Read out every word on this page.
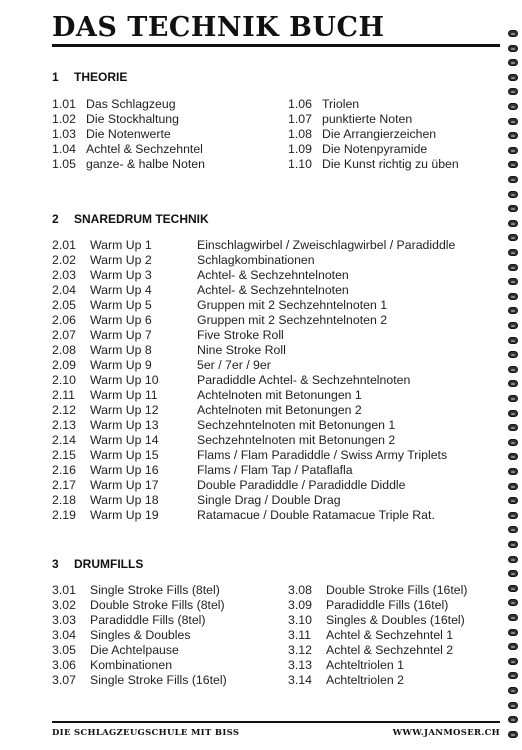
DAS TECHNIK BUCH
1 THEORIE
1.01 Das Schlagzeug
1.02 Die Stockhaltung
1.03 Die Notenwerte
1.04 Achtel & Sechzehntel
1.05 ganze- & halbe Noten
1.06 Triolen
1.07 punktierte Noten
1.08 Die Arrangierzeichen
1.09 Die Notenpyramide
1.10 Die Kunst richtig zu üben
2 SNAREDRUM TECHNIK
2.01 Warm Up 1	Einschlagwirbel / Zweischlagwirbel / Paradiddle
2.02 Warm Up 2	Schlagkombinationen
2.03 Warm Up 3	Achtel- & Sechzehntelnoten
2.04 Warm Up 4	Achtel- & Sechzehntelnoten
2.05 Warm Up 5	Gruppen mit 2 Sechzehntelnoten 1
2.06 Warm Up 6	Gruppen mit 2 Sechzehntelnoten 2
2.07 Warm Up 7	Five Stroke Roll
2.08 Warm Up 8	Nine Stroke Roll
2.09 Warm Up 9	5er / 7er / 9er
2.10 Warm Up 10	Paradiddle Achtel- & Sechzehntelnoten
2.11 Warm Up 11	Achtelnoten mit Betonungen 1
2.12 Warm Up 12	Achtelnoten mit Betonungen 2
2.13 Warm Up 13	Sechzehntelnoten mit Betonungen 1
2.14 Warm Up 14	Sechzehntelnoten mit Betonungen 2
2.15 Warm Up 15	Flams / Flam Paradiddle / Swiss Army Triplets
2.16 Warm Up 16	Flams / Flam Tap / Pataflafla
2.17 Warm Up 17	Double Paradiddle / Paradiddle Diddle
2.18 Warm Up 18	Single Drag / Double Drag
2.19 Warm Up 19	Ratamacue / Double Ratamacue Triple Rat.
3 DRUMFILLS
3.01 Single Stroke Fills (8tel)
3.02 Double Stroke Fills (8tel)
3.03 Paradiddle Fills (8tel)
3.04 Singles & Doubles
3.05 Die Achtelpause
3.06 Kombinationen
3.07 Single Stroke Fills (16tel)
3.08 Double Stroke Fills (16tel)
3.09 Paradiddle Fills (16tel)
3.10 Singles & Doubles (16tel)
3.11 Achtel & Sechzehntel 1
3.12 Achtel & Sechzehntel 2
3.13 Achteltriolen 1
3.14 Achteltriolen 2
DIE SCHLAGZEUGSCHULE MIT BISS	WWW.JANMOSER.CH
